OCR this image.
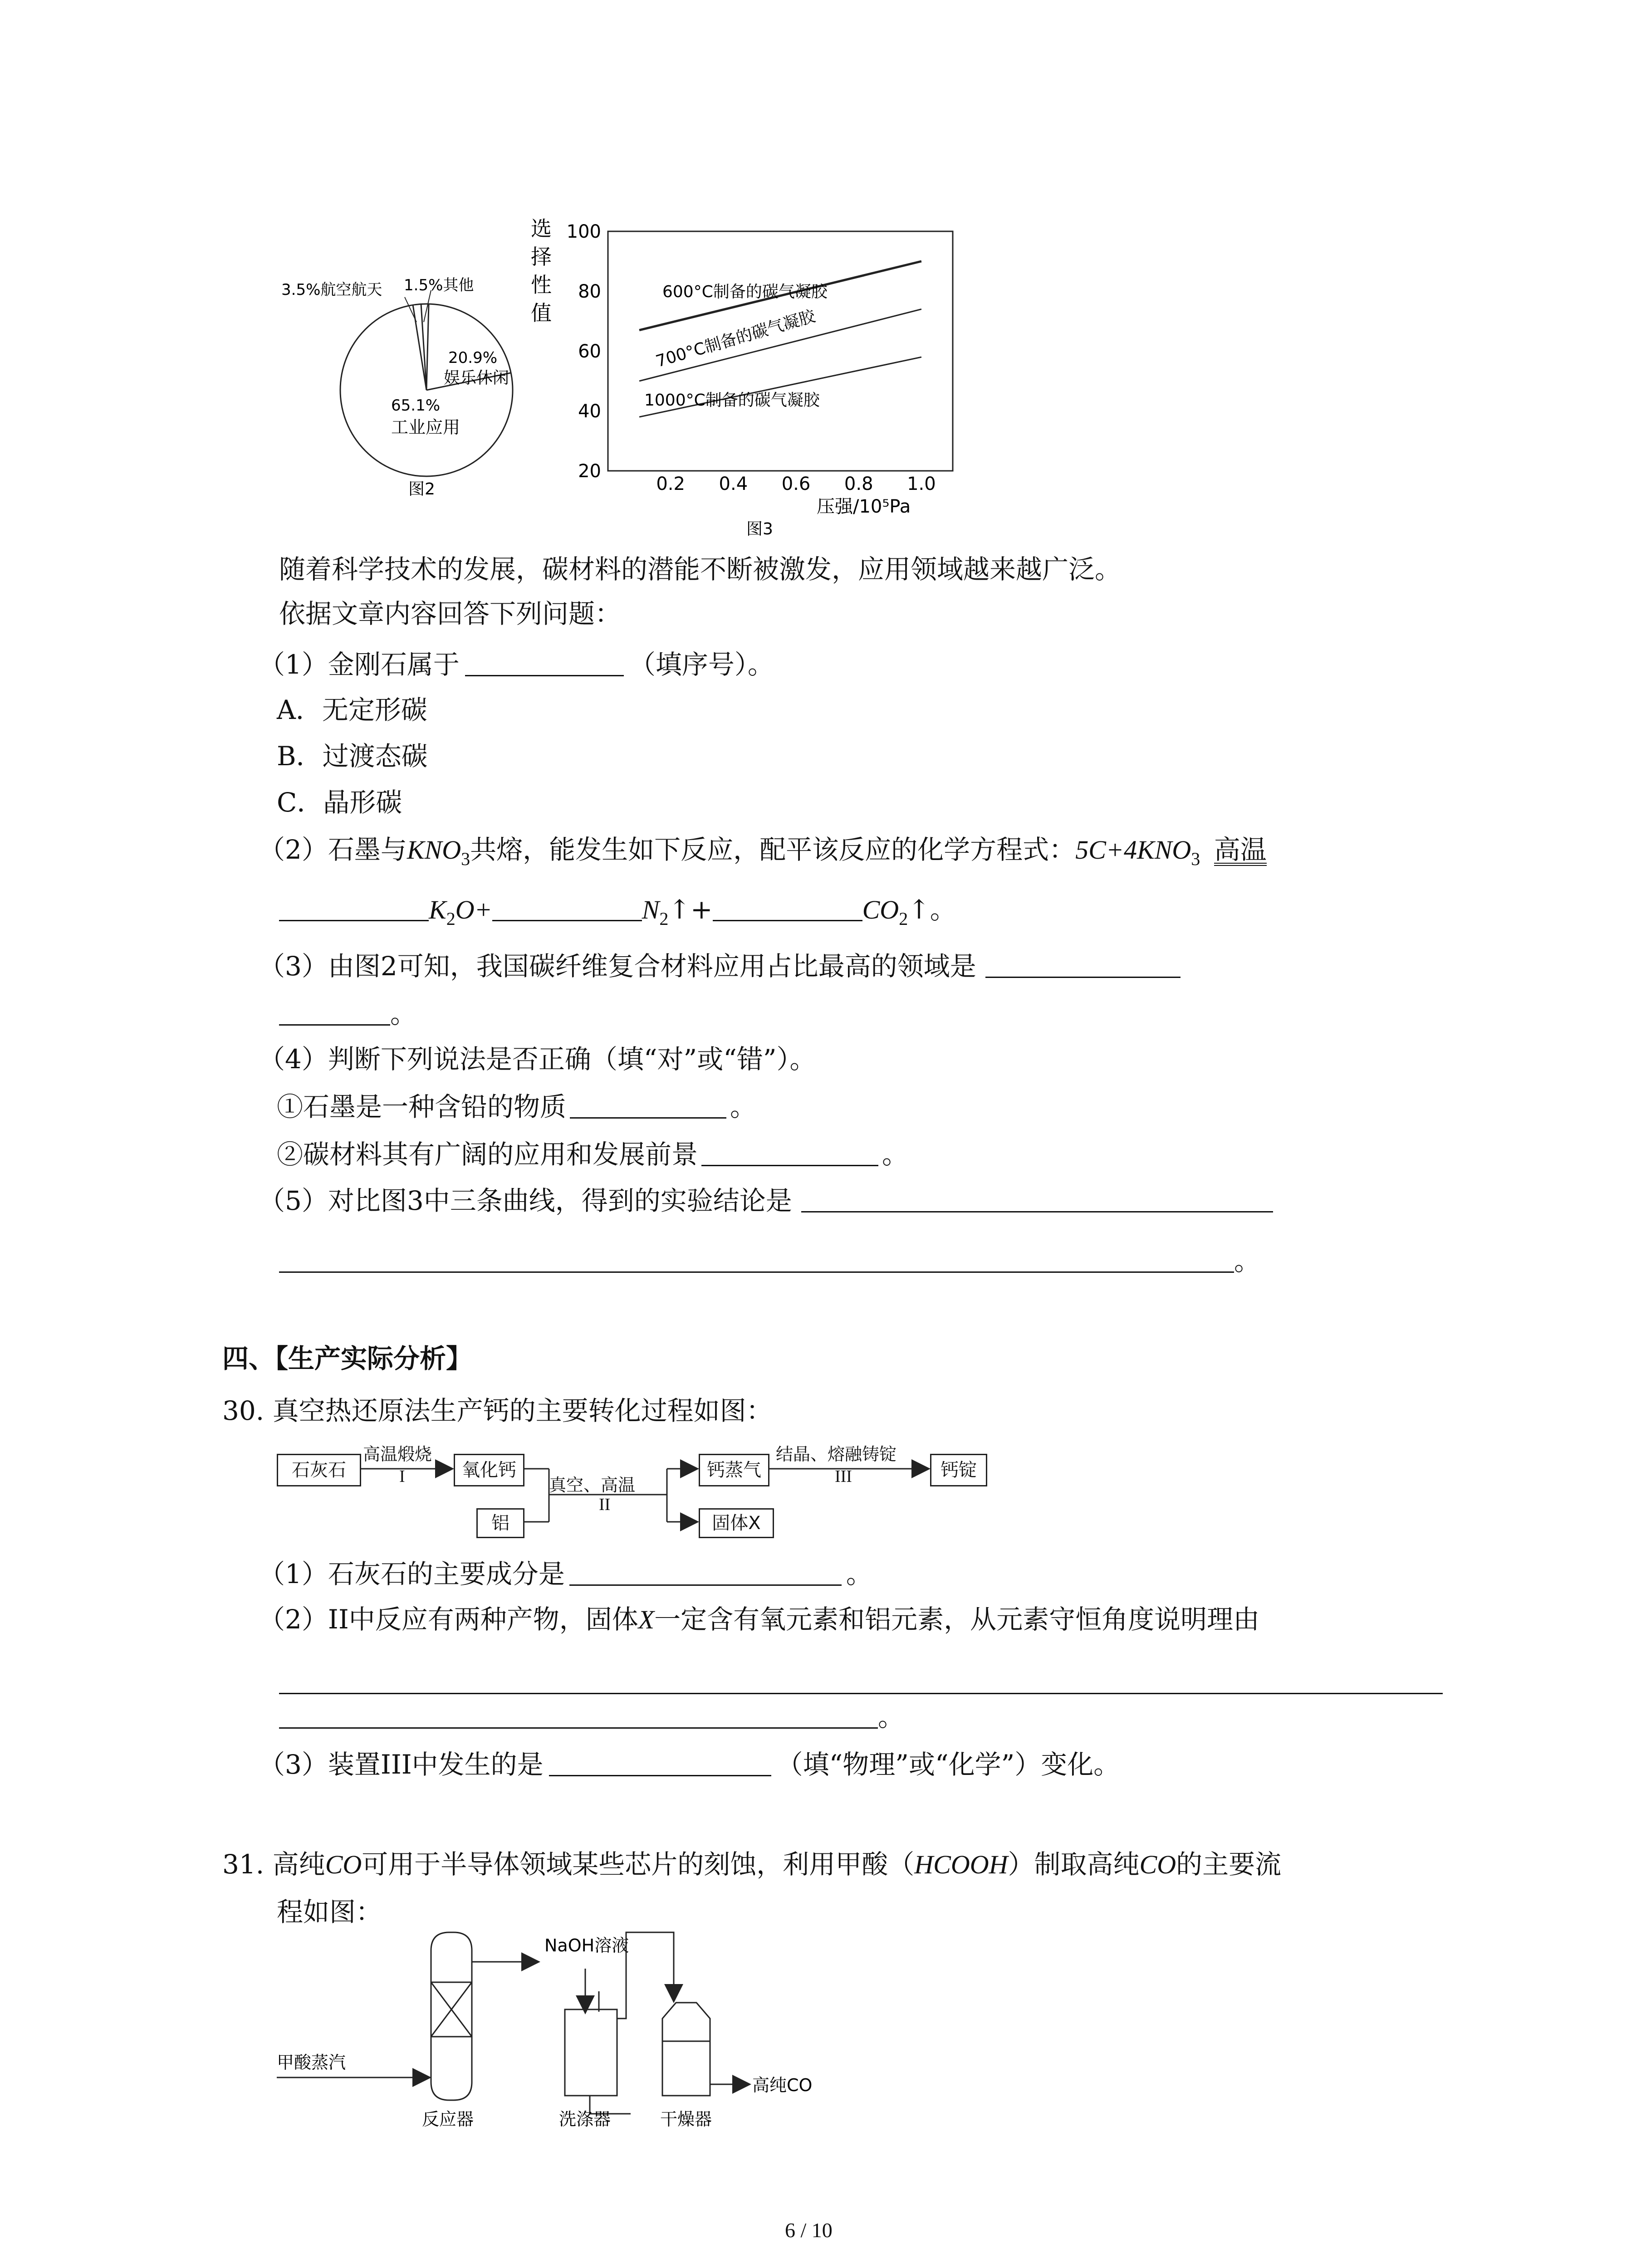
3.5%航空航天 1.5%其他
20.9%
娱乐休闲
65.1%
工业应用
图2
选
择
性
值
20
40
60
80
100
0.2 0.4 0.6 0.8 1.0
600°C制备的碳气凝胶
700°C制备的碳气凝胶
1000°C制备的碳气凝胶
压强/10⁵Pa
图3
随着科学技术的发展，碳材料的潜能不断被激发，应用领域越来越广泛。
依据文章内容回答下列问题：
（1）金刚石属于	（填序号）。
A．无定形碳
B．过渡态碳
C．晶形碳
（2）石墨与$KNO_3$共熔，能发生如下反应，配平该反应的化学方程式：$5C+4KNO_3$ 高温
$K_2O+$	$N_2↑+$	$CO_2↑$。
（3）由图2可知，我国碳纤维复合材料应用占比最高的领域是
。
（4）判断下列说法是否正确（填“对”或“错”）。
①石墨是一种含铅的物质	。
②碳材料其有广阔的应用和发展前景	。
（5）对比图3中三条曲线，得到的实验结论是
。
四、【生产实际分析】
30. 真空热还原法生产钙的主要转化过程如图：
石灰石
高温煅烧
I	氧化钙
铝
真空、高温
II
钙蒸气
固体X
结晶、熔融铸锭
III	钙锭
（1）石灰石的主要成分是	。
（2）II中反应有两种产物，固体X一定含有氧元素和铝元素，从元素守恒角度说明理由
。
（3）装置III中发生的是	（填“物理”或“化学”）变化。
31. 高纯CO可用于半导体领域某些芯片的刻蚀，利用甲酸（HCOOH）制取高纯CO的主要流
程如图：
甲酸蒸汽
NaOH溶液
高纯CO
反应器	洗涤器	干燥器
6 / 10
